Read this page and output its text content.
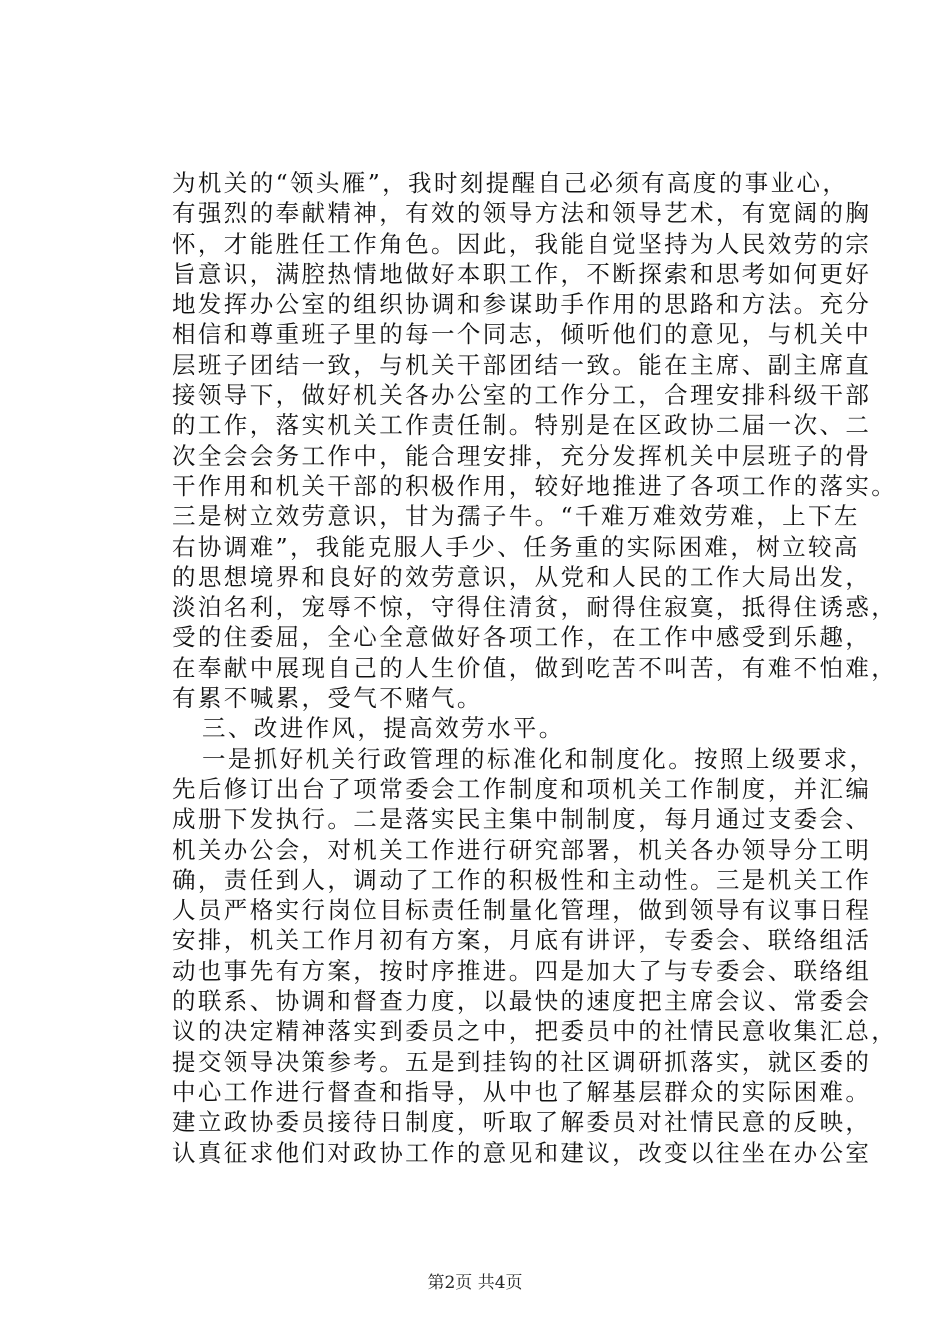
为机关的“领头雁”，我时刻提醒自己必须有高度的事业心，
有强烈的奉献精神，有效的领导方法和领导艺术，有宽阔的胸
怀，才能胜任工作角色。因此，我能自觉坚持为人民效劳的宗
旨意识，满腔热情地做好本职工作，不断探索和思考如何更好
地发挥办公室的组织协调和参谋助手作用的思路和方法。充分
相信和尊重班子里的每一个同志，倾听他们的意见，与机关中
层班子团结一致，与机关干部团结一致。能在主席、副主席直
接领导下，做好机关各办公室的工作分工，合理安排科级干部
的工作，落实机关工作责任制。特别是在区政协二届一次、二
次全会会务工作中，能合理安排，充分发挥机关中层班子的骨
干作用和机关干部的积极作用，较好地推进了各项工作的落实。
三是树立效劳意识，甘为孺子牛。“千难万难效劳难，上下左
右协调难”，我能克服人手少、任务重的实际困难，树立较高
的思想境界和良好的效劳意识，从党和人民的工作大局出发，
淡泊名利，宠辱不惊，守得住清贫，耐得住寂寞，抵得住诱惑，
受的住委屈，全心全意做好各项工作，在工作中感受到乐趣，
在奉献中展现自己的人生价值，做到吃苦不叫苦，有难不怕难，
有累不喊累，受气不赌气。
三、改进作风，提高效劳水平。
一是抓好机关行政管理的标准化和制度化。按照上级要求，
先后修订出台了项常委会工作制度和项机关工作制度，并汇编
成册下发执行。二是落实民主集中制制度，每月通过支委会、
机关办公会，对机关工作进行研究部署，机关各办领导分工明
确，责任到人，调动了工作的积极性和主动性。三是机关工作
人员严格实行岗位目标责任制量化管理，做到领导有议事日程
安排，机关工作月初有方案，月底有讲评，专委会、联络组活
动也事先有方案，按时序推进。四是加大了与专委会、联络组
的联系、协调和督查力度，以最快的速度把主席会议、常委会
议的决定精神落实到委员之中，把委员中的社情民意收集汇总，
提交领导决策参考。五是到挂钩的社区调研抓落实，就区委的
中心工作进行督查和指导，从中也了解基层群众的实际困难。
建立政协委员接待日制度，听取了解委员对社情民意的反映，
认真征求他们对政协工作的意见和建议，改变以往坐在办公室
第2页 共4页
